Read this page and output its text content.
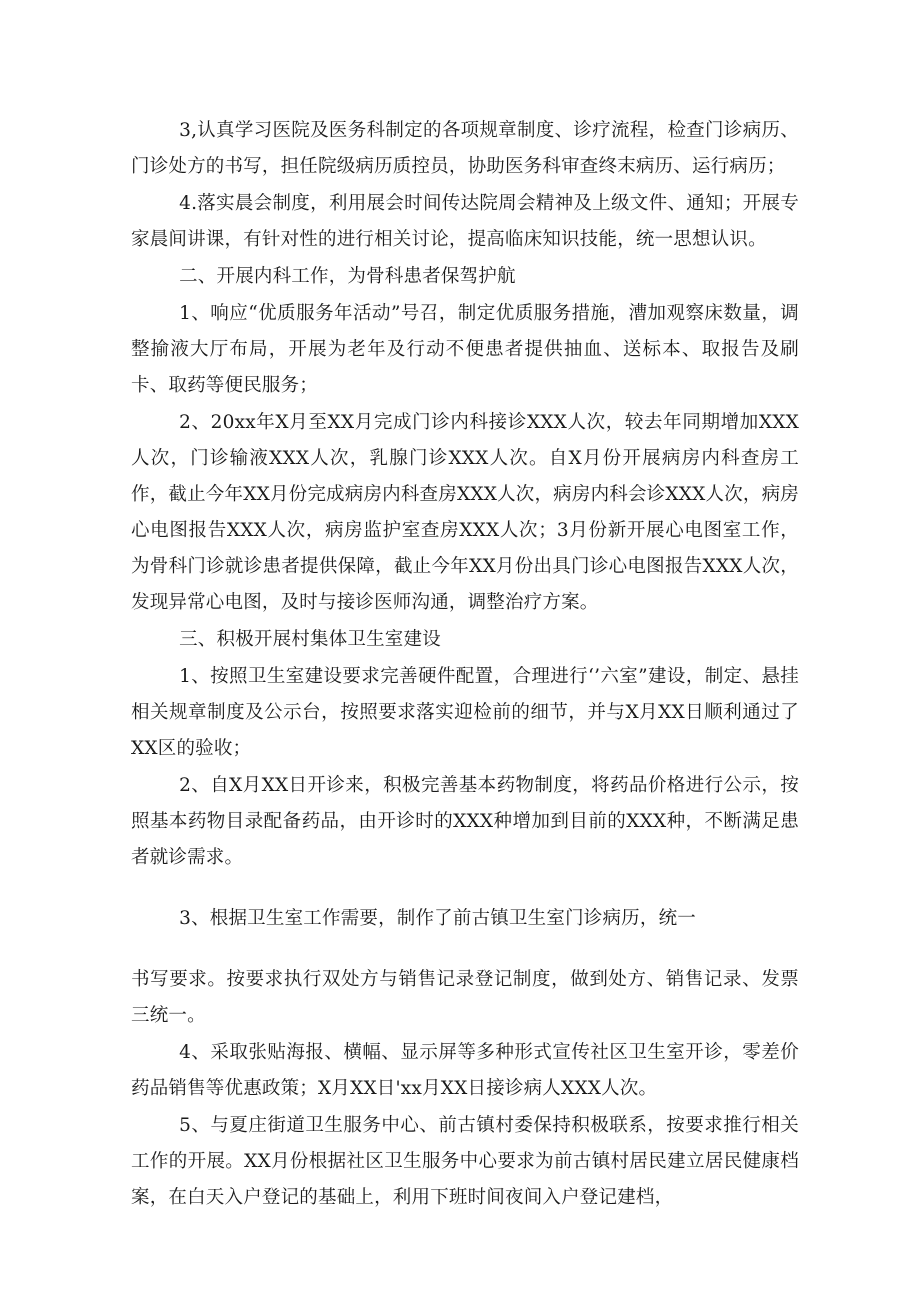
3,认真学习医院及医务科制定的各项规章制度、诊疗流程，检查门诊病历、门诊处方的书写，担任院级病历质控员，协助医务科审查终末病历、运行病历；

4.落实晨会制度，利用展会时间传达院周会精神及上级文件、通知；开展专家晨间讲课，有针对性的进行相关讨论，提高临床知识技能，统一思想认识。

二、开展内科工作，为骨科患者保驾护航

1、响应“优质服务年活动”号召，制定优质服务措施，漕加观察床数量，调整揄液大厅布局，开展为老年及行动不便患者提供抽血、送标本、取报告及刷卡、取药等便民服务；

2、20xx年X月至XX月完成门诊内科接诊XXX人次，较去年同期增加XXX人次，门诊输液XXX人次，乳腺门诊XXX人次。自X月份开展病房内科查房工作，截止今年XX月份完成病房内科查房XXX人次，病房内科会诊XXX人次，病房心电图报告XXX人次，病房监护室查房XXX人次；3月份新开展心电图室工作，为骨科门诊就诊患者提供保障，截止今年XX月份出具门诊心电图报告XXX人次，发现异常心电图，及时与接诊医师沟通，调整治疗方案。

三、积极开展村集体卫生室建设

1、按照卫生室建设要求完善硬件配置，合理进行‘’六室”建设，制定、悬挂相关规章制度及公示台，按照要求落实迎检前的细节，并与X月XX日顺利通过了XX区的验收；

2、自X月XX日开诊来，积极完善基本药物制度，将药品价格进行公示，按照基本药物目录配备药品，由开诊时的XXX种增加到目前的XXX种，不断满足患者就诊需求。

3、根据卫生室工作需要，制作了前古镇卫生室门诊病历，统一

书写要求。按要求执行双处方与销售记录登记制度，做到处方、销售记录、发票三统一。

4、采取张贴海报、横幅、显示屏等多种形式宣传社区卫生室开诊，零差价药品销售等优惠政策；X月XX日'xx月XX日接诊病人XXX人次。

5、与夏庄街道卫生服务中心、前古镇村委保持积极联系，按要求推行相关工作的开展。XX月份根据社区卫生服务中心要求为前古镇村居民建立居民健康档案，在白天入户登记的基础上，利用下班时间夜间入户登记建档，
